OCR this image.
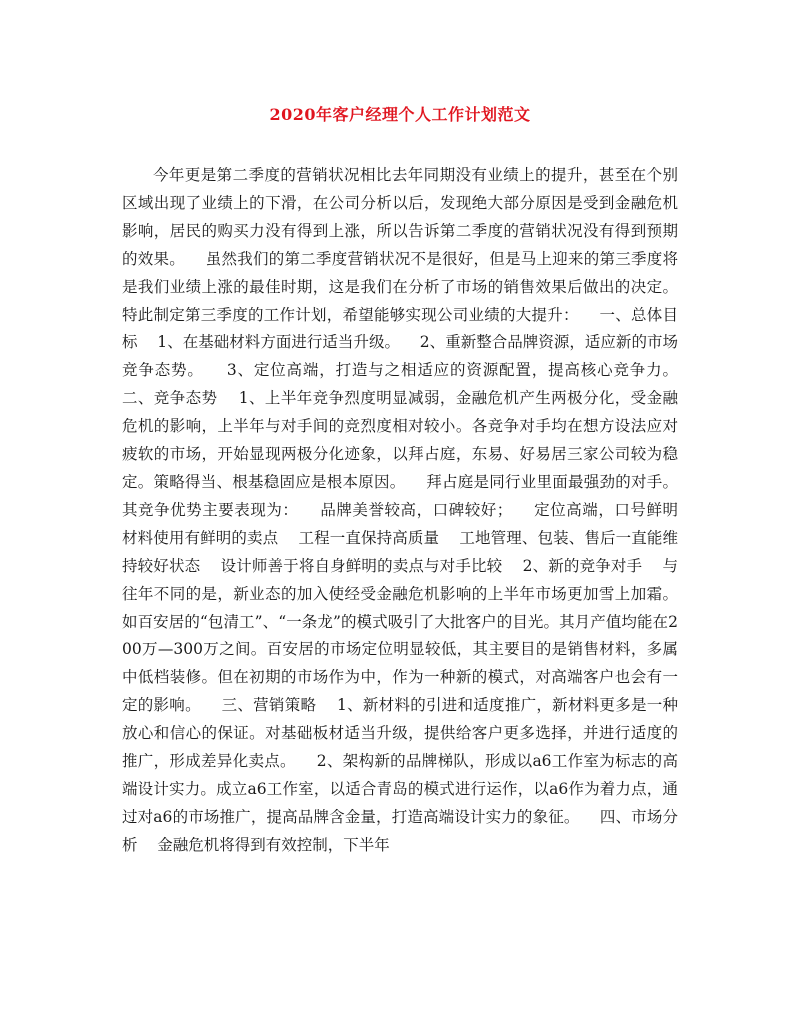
2020年客户经理个人工作计划范文

今年更是第二季度的营销状况相比去年同期没有业绩上的提升，甚至在个别区域出现了业绩上的下滑，在公司分析以后，发现绝大部分原因是受到金融危机影响，居民的购买力没有得到上涨，所以告诉第二季度的营销状况没有得到预期的效果。    虽然我们的第二季度营销状况不是很好，但是马上迎来的第三季度将是我们业绩上涨的最佳时期，这是我们在分析了市场的销售效果后做出的决定。特此制定第三季度的工作计划，希望能够实现公司业绩的大提升：    一、总体目标    1、在基础材料方面进行适当升级。    2、重新整合品牌资源，适应新的市场竞争态势。    3、定位高端，打造与之相适应的资源配置，提高核心竞争力。    二、竞争态势    1、上半年竞争烈度明显减弱，金融危机产生两极分化，受金融危机的影响，上半年与对手间的竞烈度相对较小。各竞争对手均在想方设法应对 疲软的市场，开始显现两极分化迹象，以拜占庭，东易、好易居三家公司较为稳定。策略得当、根基稳固应是根本原因。    拜占庭是同行业里面最强劲的对手。其竞争优势主要表现为：    品牌美誉较高，口碑较好；    定位高端，口号鲜明    材料使用有鲜明的卖点    工程一直保持高质量    工地管理、包装、售后一直能维持较好状态    设计师善于将自身鲜明的卖点与对手比较    2、新的竞争对手    与往年不同的是，新业态的加入使经受金融危机影响的上半年市场更加雪上加霜。如百安居的“包清工”、“一条龙”的模式吸引了大批客户的目光。其月产值均能在200万—300万之间。百安居的市场定位明显较低，其主要目的是销售材料，多属中低档装修。但在初期的市场作为中，作为一种新的模式，对高端客户也会有一定的影响。    三、营销策略    1、新材料的引进和适度推广，新材料更多是一种放心和信心的保证。对基础板材适当升级，提供给客户更多选择，并进行适度的推广，形成差异化卖点。    2、架构新的品牌梯队，形成以a6工作室为标志的高端设计实力。成立a6工作室，以适合青岛的模式进行运作，以a6作为着力点，通过对a6的市场推广，提高品牌含金量，打造高端设计实力的象征。    四、市场分析    金融危机将得到有效控制，下半年
